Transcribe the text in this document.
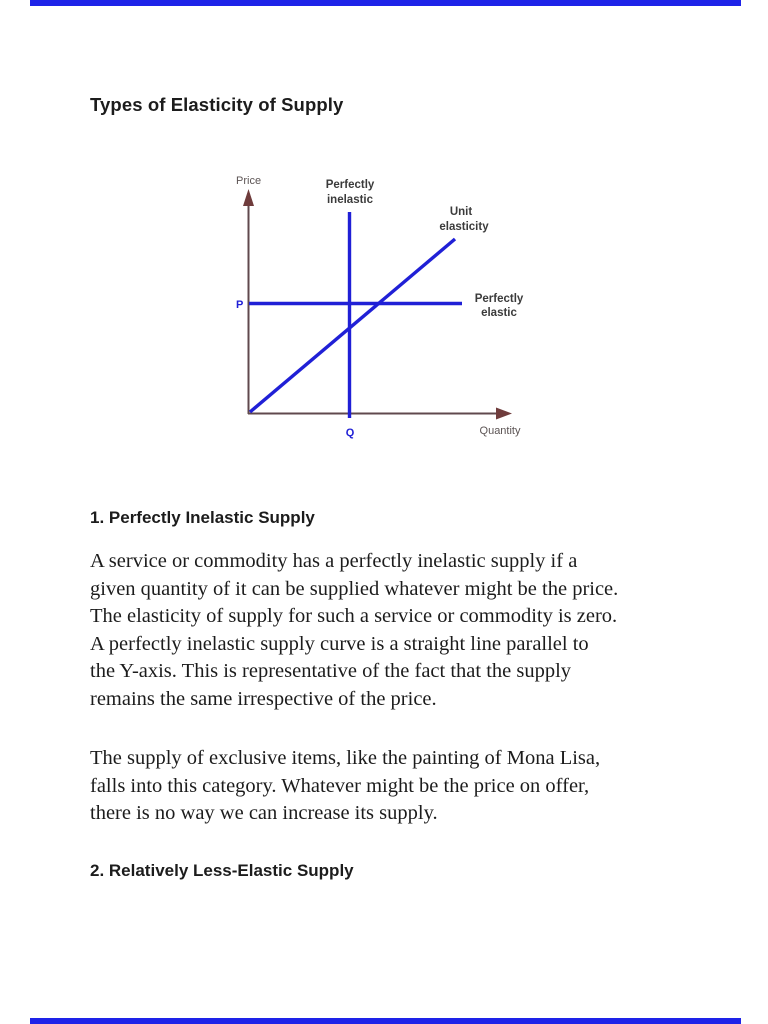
Types of Elasticity of Supply
Price
Quantity
P
Q
Perfectly
inelastic
Unit
elasticity
Perfectly
elastic
1. Perfectly Inelastic Supply
A service or commodity has a perfectly inelastic supply if a
given quantity of it can be supplied whatever might be the price.
The elasticity of supply for such a service or commodity is zero.
A perfectly inelastic supply curve is a straight line parallel to
the Y-axis. This is representative of the fact that the supply
remains the same irrespective of the price.
The supply of exclusive items, like the painting of Mona Lisa,
falls into this category. Whatever might be the price on offer,
there is no way we can increase its supply.
2. Relatively Less-Elastic Supply
